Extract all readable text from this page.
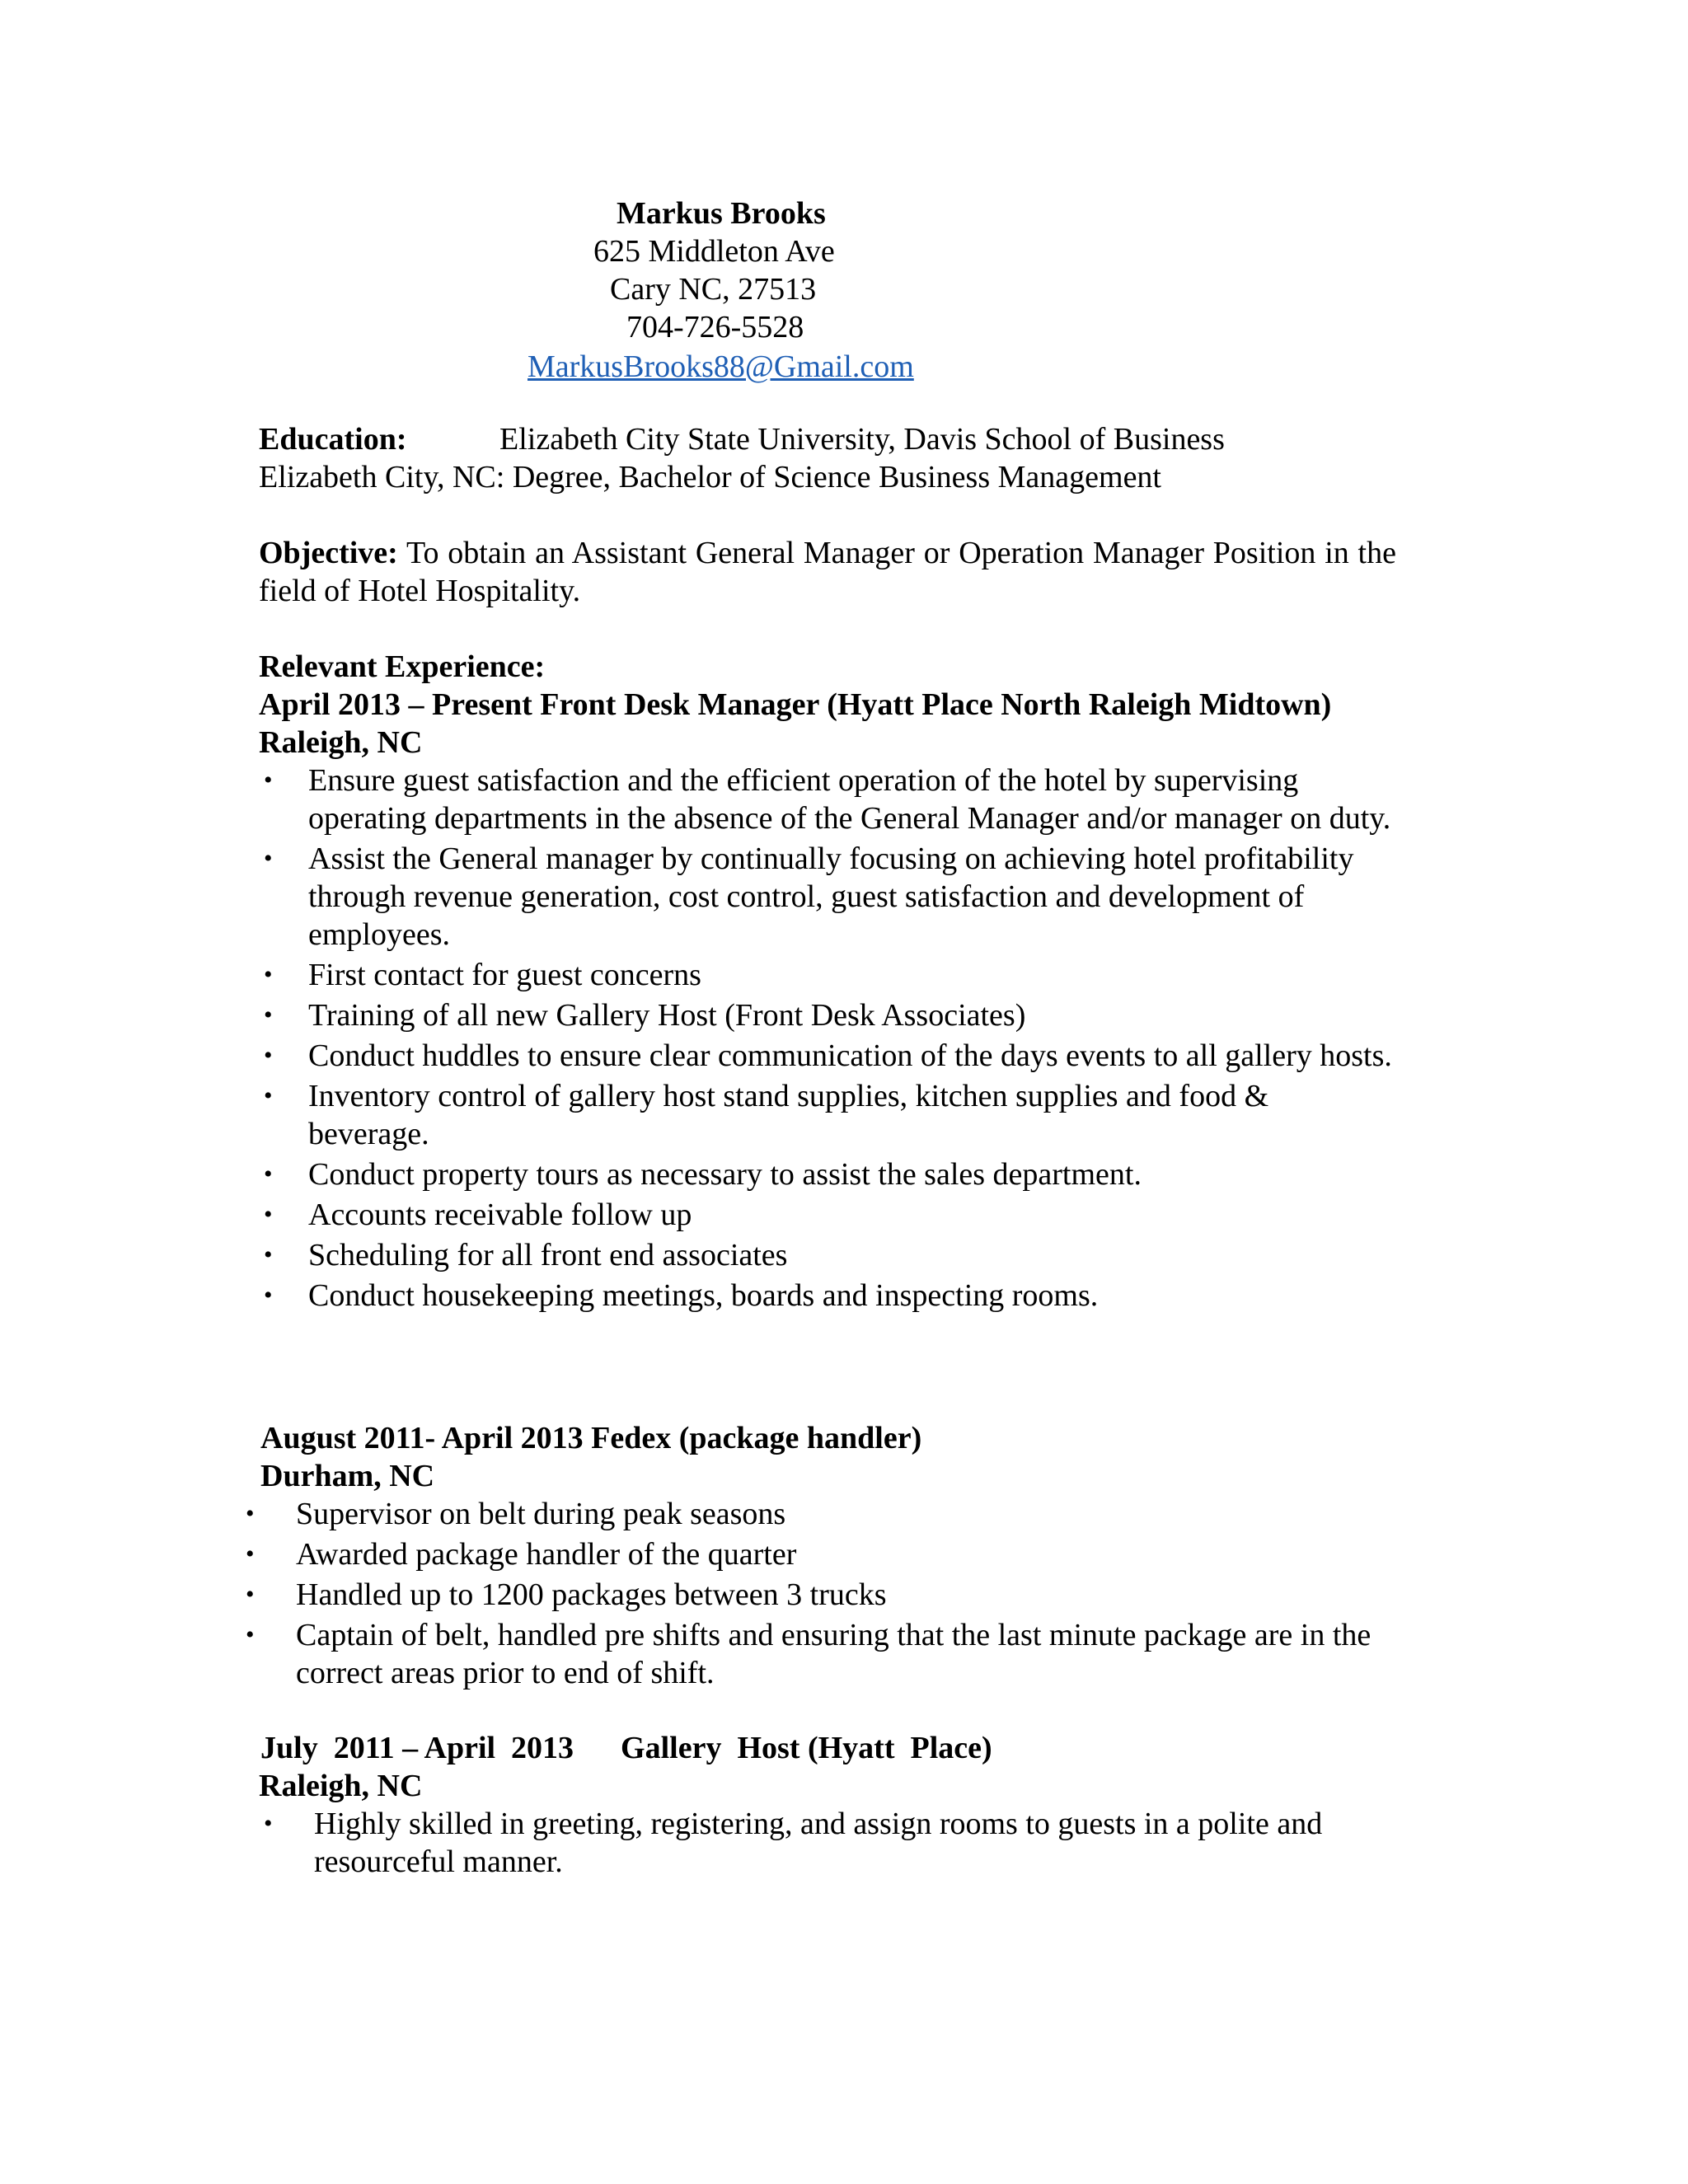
Markus Brooks
625 Middleton Ave
Cary NC, 27513
704-726-5528
MarkusBrooks88@Gmail.com
Education:	Elizabeth City State University, Davis School of Business
Elizabeth City, NC: Degree, Bachelor of Science Business Management
Objective: To obtain an Assistant General Manager or Operation Manager Position in the field of Hotel Hospitality.
Relevant Experience:
April 2013 – Present Front Desk Manager (Hyatt Place North Raleigh Midtown)
Raleigh, NC
• Ensure guest satisfaction and the efficient operation of the hotel by supervising operating departments in the absence of the General Manager and/or manager on duty.
• Assist the General manager by continually focusing on achieving hotel profitability through revenue generation, cost control, guest satisfaction and development of employees.
• First contact for guest concerns
• Training of all new Gallery Host (Front Desk Associates)
• Conduct huddles to ensure clear communication of the days events to all gallery hosts.
• Inventory control of gallery host stand supplies, kitchen supplies and food & beverage.
• Conduct property tours as necessary to assist the sales department.
• Accounts receivable follow up
• Scheduling for all front end associates
• Conduct housekeeping meetings, boards and inspecting rooms.
August 2011- April 2013 Fedex (package handler)
Durham, NC
• Supervisor on belt during peak seasons
• Awarded package handler of the quarter
• Handled up to 1200 packages between 3 trucks
• Captain of belt, handled pre shifts and ensuring that the last minute package are in the correct areas prior to end of shift.
July  2011 – April  2013      Gallery  Host (Hyatt  Place)
Raleigh, NC
• Highly skilled in greeting, registering, and assign rooms to guests in a polite and resourceful manner.
